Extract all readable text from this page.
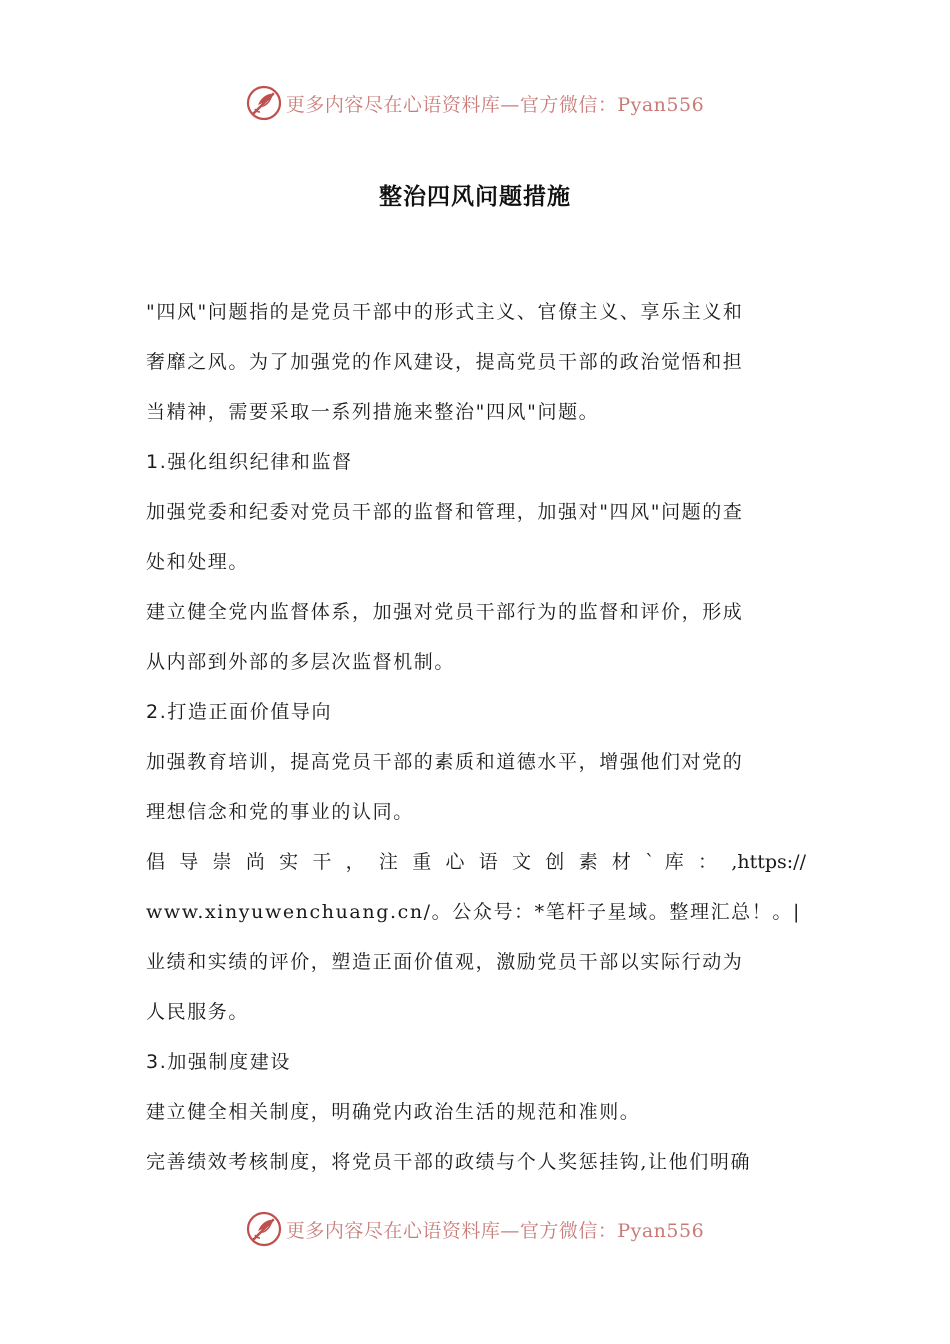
更多内容尽在心语资料库—官方微信：Pyan556
整治四风问题措施
"四风"问题指的是党员干部中的形式主义、官僚主义、享乐主义和
奢靡之风。为了加强党的作风建设，提高党员干部的政治觉悟和担
当精神，需要采取一系列措施来整治"四风"问题。
1.强化组织纪律和监督
加强党委和纪委对党员干部的监督和管理，加强对"四风"问题的查
处和处理。
建立健全党内监督体系，加强对党员干部行为的监督和评价，形成
从内部到外部的多层次监督机制。
2.打造正面价值导向
加强教育培训，提高党员干部的素质和道德水平，增强他们对党的
理想信念和党的事业的认同。
倡 导 崇 尚 实 干 ， 注 重 心 语 文 创 素 材 ` 库 ： ,https://
www.xinyuwenchuang.cn/。公众号：*笔杆子星域。整理汇总！。|
业绩和实绩的评价，塑造正面价值观，激励党员干部以实际行动为
人民服务。
3.加强制度建设
建立健全相关制度，明确党内政治生活的规范和准则。
完善绩效考核制度，将党员干部的政绩与个人奖惩挂钩,让他们明确
更多内容尽在心语资料库—官方微信：Pyan556
